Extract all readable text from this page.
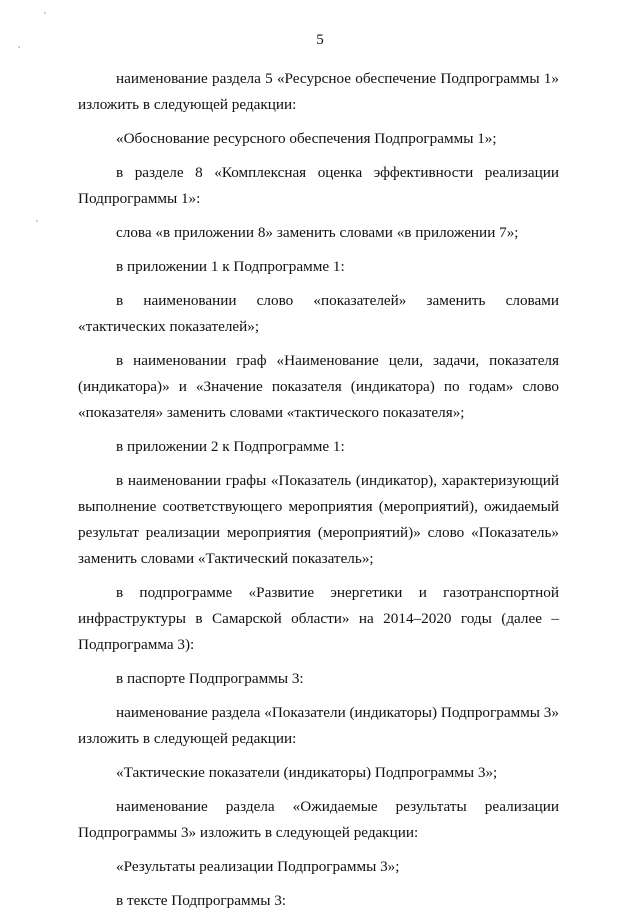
5

наименование раздела 5 «Ресурсное обеспечение Подпрограммы 1» изложить в следующей редакции:

«Обоснование ресурсного обеспечения Подпрограммы 1»;

в разделе 8 «Комплексная оценка эффективности реализации Подпрограммы 1»:

слова «в приложении 8» заменить словами «в приложении 7»;

в приложении 1 к Подпрограмме 1:

в наименовании слово «показателей» заменить словами «тактических показателей»;

в наименовании граф «Наименование цели, задачи, показателя (индикатора)» и «Значение показателя (индикатора) по годам» слово «показателя» заменить словами «тактического показателя»;

в приложении 2 к Подпрограмме 1:

в наименовании графы «Показатель (индикатор), характеризующий выполнение соответствующего мероприятия (мероприятий), ожидаемый результат реализации мероприятия (мероприятий)» слово «Показатель» заменить словами «Тактический показатель»;

в подпрограмме «Развитие энергетики и газотранспортной инфраструктуры в Самарской области» на 2014–2020 годы (далее – Подпрограмма 3):

в паспорте Подпрограммы 3:

наименование раздела «Показатели (индикаторы) Подпрограммы 3» изложить в следующей редакции:

«Тактические показатели (индикаторы) Подпрограммы 3»;

наименование раздела «Ожидаемые результаты реализации Подпрограммы 3» изложить в следующей редакции:

«Результаты реализации Подпрограммы 3»;

в тексте Подпрограммы 3:
